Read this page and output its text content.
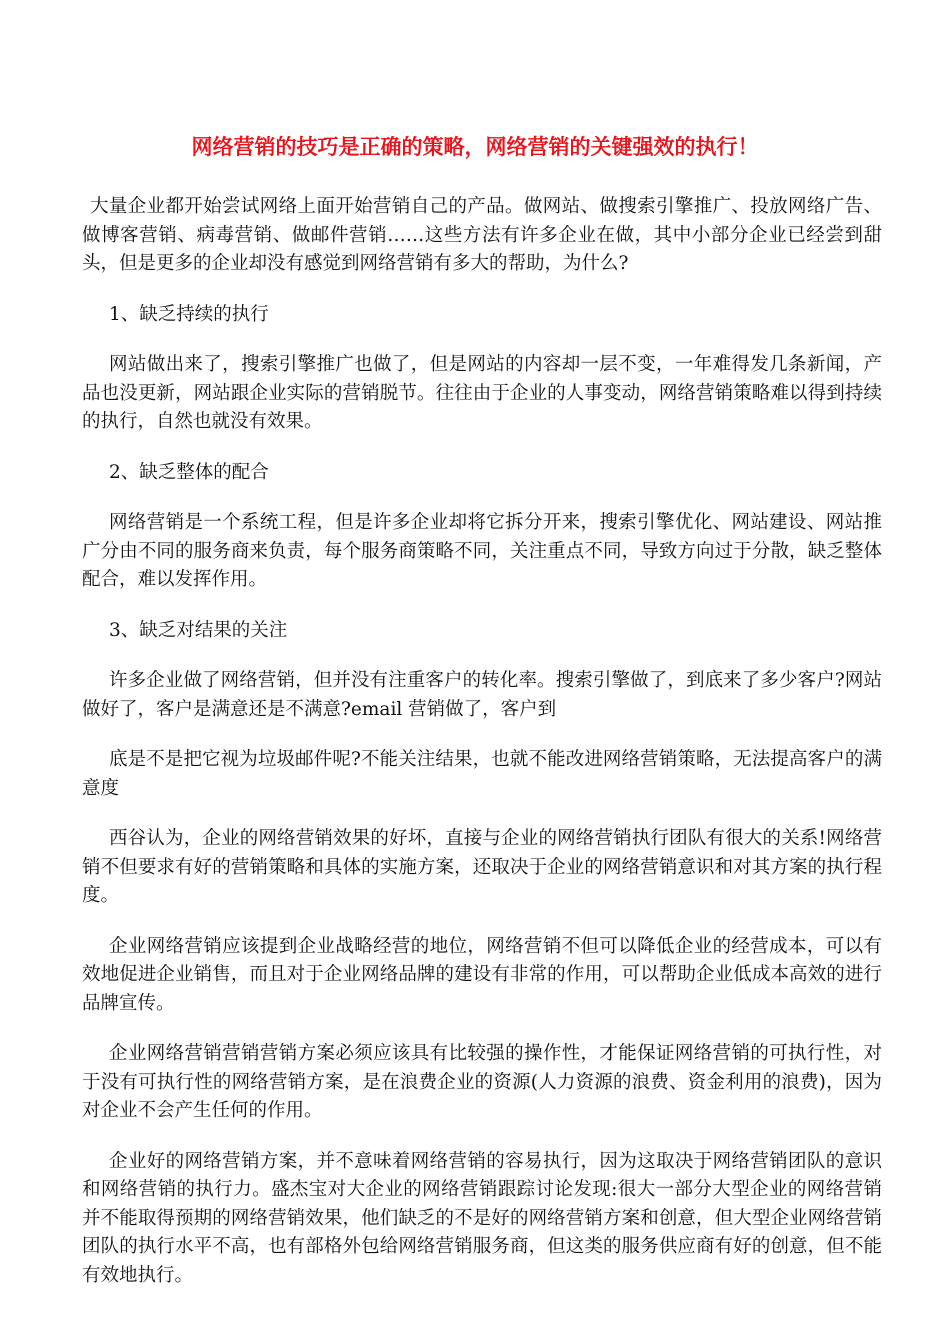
网络营销的技巧是正确的策略，网络营销的关键强效的执行！

大量企业都开始尝试网络上面开始营销自己的产品。做网站、做搜索引擎推广、投放网络广告、做博客营销、病毒营销、做邮件营销……这些方法有许多企业在做，其中小部分企业已经尝到甜头，但是更多的企业却没有感觉到网络营销有多大的帮助，为什么?

1、缺乏持续的执行

网站做出来了，搜索引擎推广也做了，但是网站的内容却一层不变，一年难得发几条新闻，产品也没更新，网站跟企业实际的营销脱节。往往由于企业的人事变动，网络营销策略难以得到持续的执行，自然也就没有效果。

2、缺乏整体的配合

网络营销是一个系统工程，但是许多企业却将它拆分开来，搜索引擎优化、网站建设、网站推广分由不同的服务商来负责，每个服务商策略不同，关注重点不同，导致方向过于分散，缺乏整体配合，难以发挥作用。

3、缺乏对结果的关注

许多企业做了网络营销，但并没有注重客户的转化率。搜索引擎做了，到底来了多少客户?网站做好了，客户是满意还是不满意?email 营销做了，客户到

底是不是把它视为垃圾邮件呢?不能关注结果，也就不能改进网络营销策略，无法提高客户的满意度

西谷认为，企业的网络营销效果的好坏，直接与企业的网络营销执行团队有很大的关系!网络营销不但要求有好的营销策略和具体的实施方案，还取决于企业的网络营销意识和对其方案的执行程度。

企业网络营销应该提到企业战略经营的地位，网络营销不但可以降低企业的经营成本，可以有效地促进企业销售，而且对于企业网络品牌的建设有非常的作用，可以帮助企业低成本高效的进行品牌宣传。

企业网络营销营销营销方案必须应该具有比较强的操作性，才能保证网络营销的可执行性，对于没有可执行性的网络营销方案，是在浪费企业的资源(人力资源的浪费、资金利用的浪费)，因为对企业不会产生任何的作用。

企业好的网络营销方案，并不意味着网络营销的容易执行，因为这取决于网络营销团队的意识和网络营销的执行力。盛杰宝对大企业的网络营销跟踪讨论发现:很大一部分大型企业的网络营销并不能取得预期的网络营销效果，他们缺乏的不是好的网络营销方案和创意，但大型企业网络营销团队的执行水平不高，也有部格外包给网络营销服务商，但这类的服务供应商有好的创意，但不能有效地执行。
